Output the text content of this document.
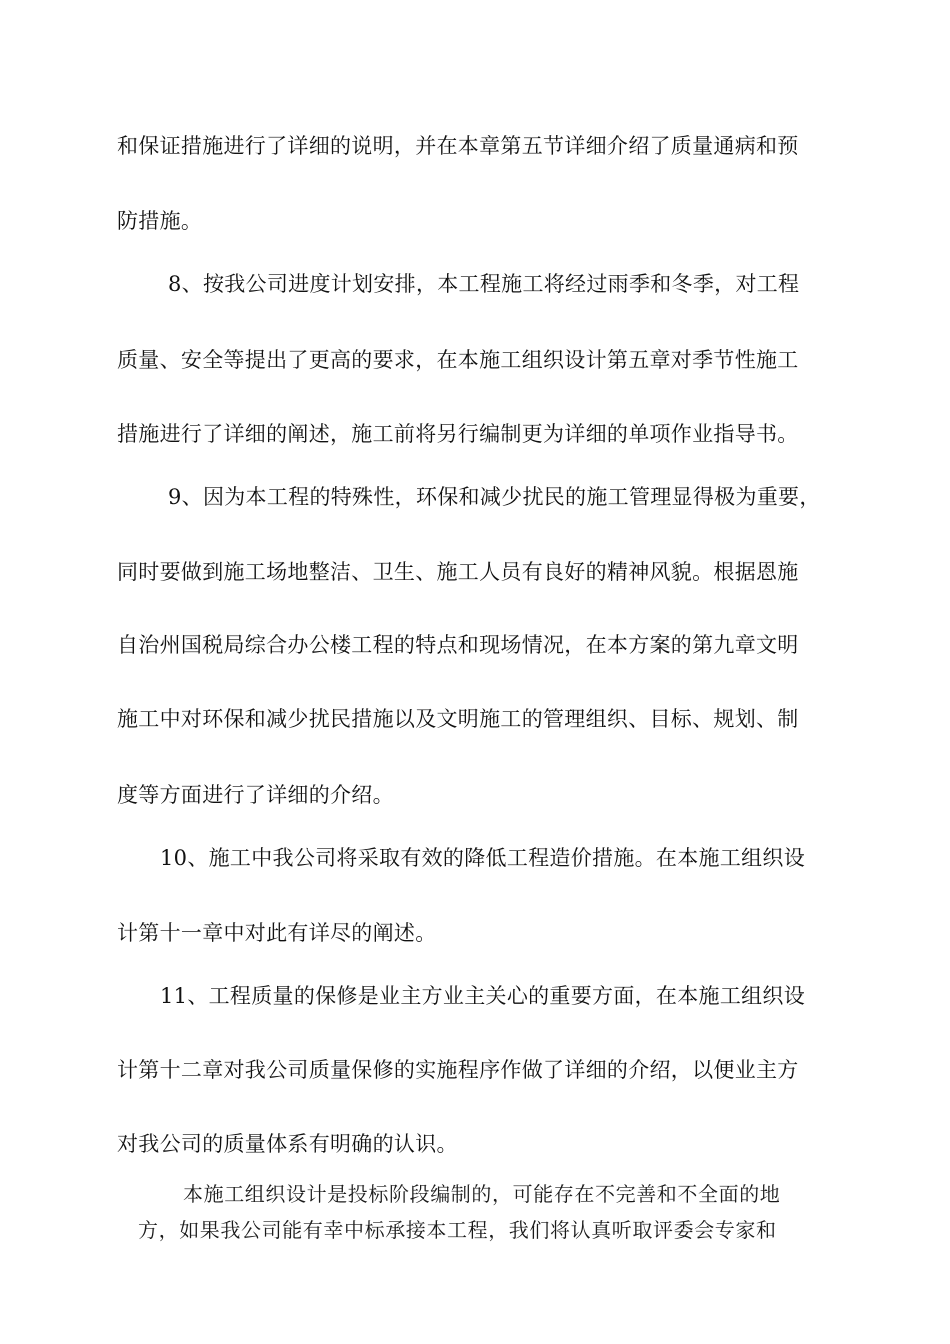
和保证措施进行了详细的说明，并在本章第五节详细介绍了质量通病和预
防措施。
8、按我公司进度计划安排，本工程施工将经过雨季和冬季，对工程
质量、安全等提出了更高的要求，在本施工组织设计第五章对季节性施工
措施进行了详细的阐述，施工前将另行编制更为详细的单项作业指导书。
9、因为本工程的特殊性，环保和减少扰民的施工管理显得极为重要，
同时要做到施工场地整洁、卫生、施工人员有良好的精神风貌。根据恩施
自治州国税局综合办公楼工程的特点和现场情况，在本方案的第九章文明
施工中对环保和减少扰民措施以及文明施工的管理组织、目标、规划、制
度等方面进行了详细的介绍。
10、施工中我公司将采取有效的降低工程造价措施。在本施工组织设
计第十一章中对此有详尽的阐述。
11、工程质量的保修是业主方业主关心的重要方面，在本施工组织设
计第十二章对我公司质量保修的实施程序作做了详细的介绍，以便业主方
对我公司的质量体系有明确的认识。
本施工组织设计是投标阶段编制的，可能存在不完善和不全面的地
方，如果我公司能有幸中标承接本工程，我们将认真听取评委会专家和
